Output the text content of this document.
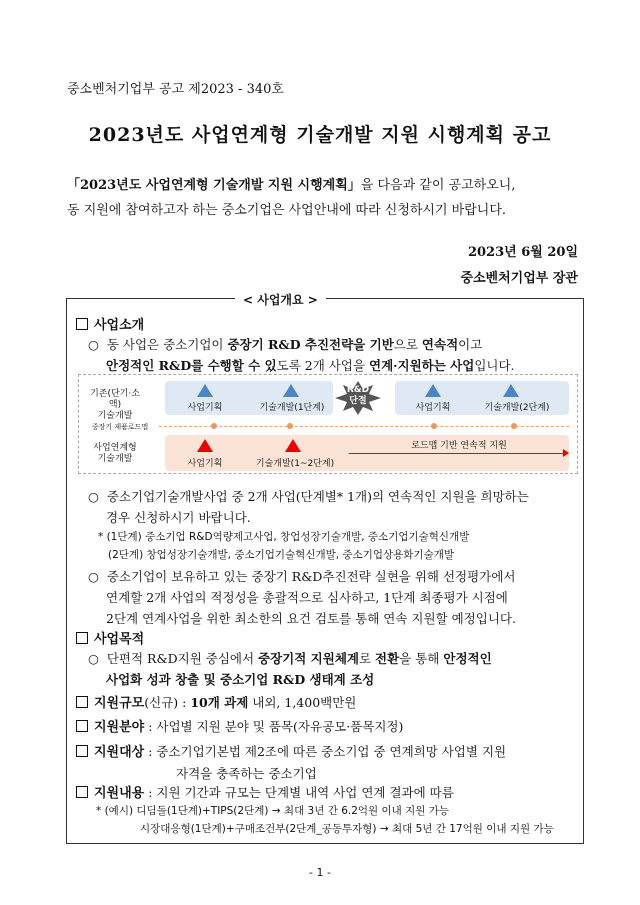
중소벤처기업부 공고 제2023 - 340호
2023년도 사업연계형 기술개발 지원 시행계획 공고
「2023년도 사업연계형 기술개발 지원 시행계획」을 다음과 같이 공고하오니,
동 지원에 참여하고자 하는 중소기업은 사업안내에 따라 신청하시기 바랍니다.
2023년 6월 20일
중소벤처기업부 장관
< 사업개요 >
사업소개
○  동 사업은 중소기업이 중장기 R&D 추진전략을 기반으로 연속적이고
안정적인 R&D를 수행할 수 있도록 2개 사업을 연계·지원하는 사업입니다.
기존(단기·소액)
기술개발
사업기획	기술개발(1단계)	사업기획	기술개발(2단계)
R&D
단절
중장기 제품로드맵
사업연계형
기술개발	사업기획	기술개발(1~2단계)
로드맵 기반 연속적 지원
○  중소기업기술개발사업 중 2개 사업(단계별* 1개)의 연속적인 지원을 희망하는
경우 신청하시기 바랍니다.
* (1단계) 중소기업 R&D역량제고사업, 창업성장기술개발, 중소기업기술혁신개발
(2단계) 창업성장기술개발, 중소기업기술혁신개발, 중소기업상용화기술개발
○  중소기업이 보유하고 있는 중장기 R&D추진전략 실현을 위해 선정평가에서
연계할 2개 사업의 적정성을 총괄적으로 심사하고, 1단계 최종평가 시점에
2단계 연계사업을 위한 최소한의 요건 검토를 통해 연속 지원할 예정입니다.
사업목적
○  단편적 R&D지원 중심에서 중장기적 지원체계로 전환을 통해 안정적인
사업화 성과 창출 및 중소기업 R&D 생태계 조성
지원규모(신규) : 10개 과제 내외, 1,400백만원
지원분야 : 사업별 지원 분야 및 품목(자유공모·품목지정)
지원대상 : 중소기업기본법 제2조에 따른 중소기업 중 연계희망 사업별 지원
자격을 충족하는 중소기업
지원내용 : 지원 기간과 규모는 단계별 내역 사업 연계 결과에 따름
* (예시) 디딤돌(1단계)+TIPS(2단계) → 최대 3년 간 6.2억원 이내 지원 가능
시장대응형(1단계)+구매조건부(2단계_공동투자형) → 최대 5년 간 17억원 이내 지원 가능
- 1 -
